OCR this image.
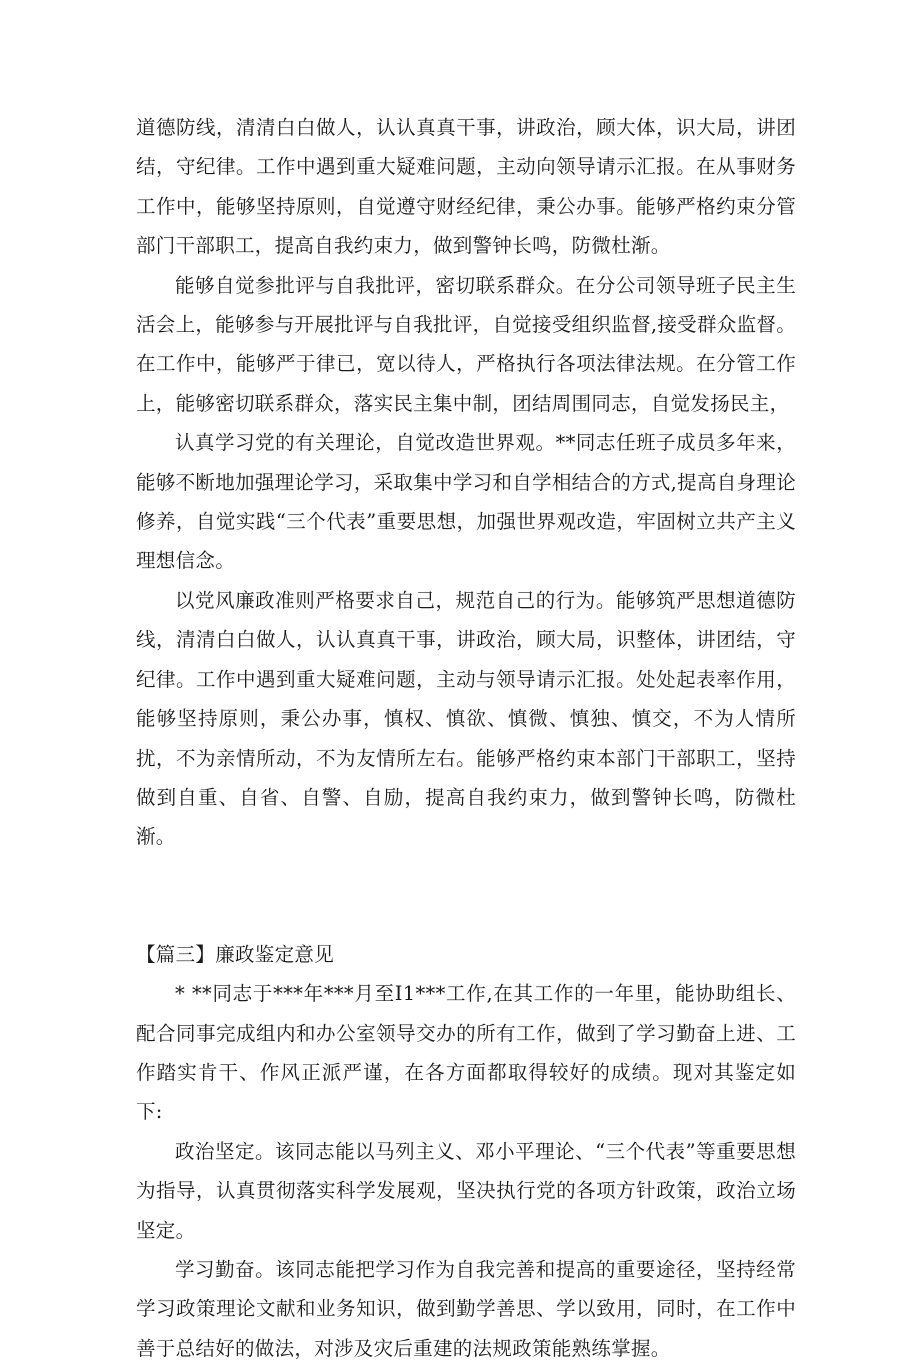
道德防线，清清白白做人，认认真真干事，讲政治，顾大体，识大局，讲团结，守纪律。工作中遇到重大疑难问题，主动向领导请示汇报。在从事财务工作中，能够坚持原则，自觉遵守财经纪律，秉公办事。能够严格约束分管部门干部职工，提高自我约束力，做到警钟长鸣，防微杜渐。

能够自觉参批评与自我批评，密切联系群众。在分公司领导班子民主生活会上，能够参与开展批评与自我批评，自觉接受组织监督,接受群众监督。在工作中，能够严于律已，宽以待人，严格执行各项法律法规。在分管工作上，能够密切联系群众，落实民主集中制，团结周围同志，自觉发扬民主，

认真学习党的有关理论，自觉改造世界观。**同志任班子成员多年来，能够不断地加强理论学习，采取集中学习和自学相结合的方式,提高自身理论修养，自觉实践“三个代表”重要思想，加强世界观改造，牢固树立共产主义理想信念。

以党风廉政准则严格要求自己，规范自己的行为。能够筑严思想道德防线，清清白白做人，认认真真干事，讲政治，顾大局，识整体，讲团结，守纪律。工作中遇到重大疑难问题，主动与领导请示汇报。处处起表率作用，能够坚持原则，秉公办事，慎权、慎欲、慎微、慎独、慎交，不为人情所扰，不为亲情所动，不为友情所左右。能够严格约束本部门干部职工，坚持做到自重、自省、自警、自励，提高自我约束力，做到警钟长鸣，防微杜渐。

【篇三】廉政鉴定意见

* **同志于***年***月至I1***工作,在其工作的一年里，能协助组长、配合同事完成组内和办公室领导交办的所有工作，做到了学习勤奋上进、工作踏实肯干、作风正派严谨，在各方面都取得较好的成绩。现对其鉴定如下:

政治坚定。该同志能以马列主义、邓小平理论、“三个代表”等重要思想为指导，认真贯彻落实科学发展观，坚决执行党的各项方针政策，政治立场坚定。

学习勤奋。该同志能把学习作为自我完善和提高的重要途径，坚持经常学习政策理论文献和业务知识，做到勤学善思、学以致用，同时，在工作中善于总结好的做法，对涉及灾后重建的法规政策能熟练掌握。
